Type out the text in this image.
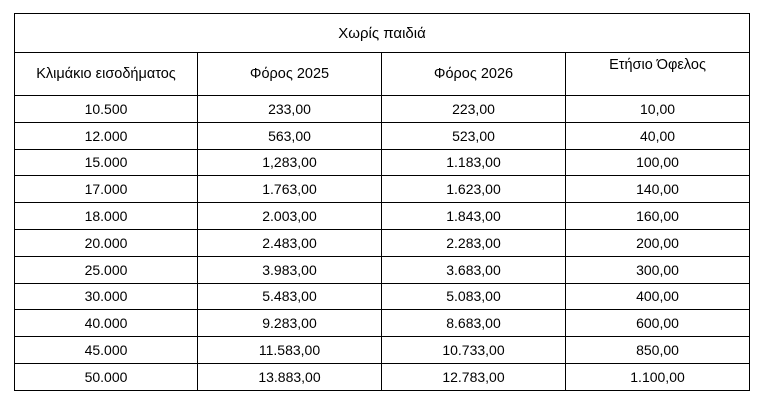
Χωρίς παιδιά			
Κλιμάκιο εισοδήματος	Φόρος 2025	Φόρος 2026	Ετήσιο Όφελος
10.500	233,00	223,00	10,00
12.000	563,00	523,00	40,00
15.000	1,283,00	1.183,00	100,00
17.000	1.763,00	1.623,00	140,00
18.000	2.003,00	1.843,00	160,00
20.000	2.483,00	2.283,00	200,00
25.000	3.983,00	3.683,00	300,00
30.000	5.483,00	5.083,00	400,00
40.000	9.283,00	8.683,00	600,00
45.000	11.583,00	10.733,00	850,00
50.000	13.883,00	12.783,00	1.100,00
